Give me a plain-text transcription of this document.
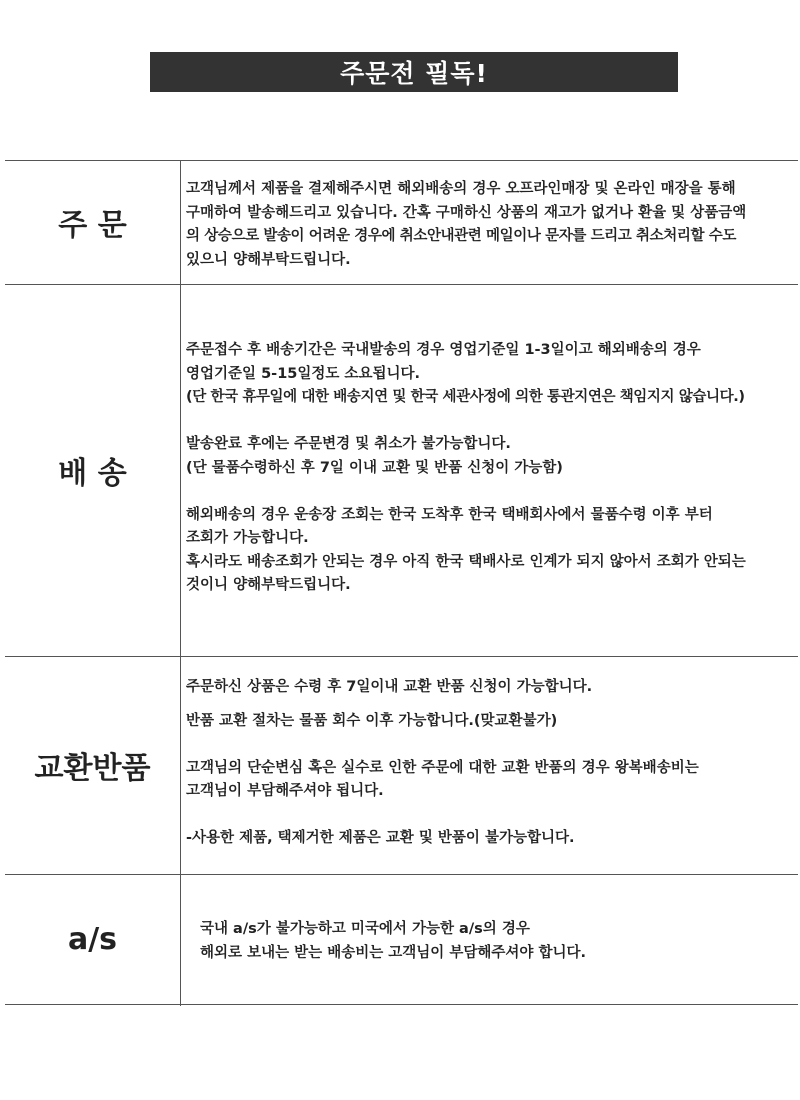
주문전 필독!
주 문
고객님께서 제품을 결제해주시면 해외배송의 경우 오프라인매장 및 온라인 매장을 통해
구매하여 발송해드리고 있습니다. 간혹 구매하신 상품의 재고가 없거나 환율 및 상품금액
의 상승으로 발송이 어려운 경우에 취소안내관련 메일이나 문자를 드리고 취소처리할 수도
있으니 양해부탁드립니다.
배 송
주문접수 후 배송기간은 국내발송의 경우 영업기준일 1-3일이고 해외배송의 경우
영업기준일 5-15일정도 소요됩니다.
(단 한국 휴무일에 대한 배송지연 및 한국 세관사정에 의한 통관지연은 책임지지 않습니다.)
발송완료 후에는 주문변경 및 취소가 불가능합니다.
(단 물품수령하신 후 7일 이내 교환 및 반품 신청이 가능함)
해외배송의 경우 운송장 조회는 한국 도착후 한국 택배회사에서 물품수령 이후 부터
조회가 가능합니다.
혹시라도 배송조회가 안되는 경우 아직 한국 택배사로 인계가 되지 않아서 조회가 안되는
것이니 양해부탁드립니다.
교환반품
주문하신 상품은 수령 후 7일이내 교환 반품 신청이 가능합니다.
반품 교환 절차는 물품 회수 이후 가능합니다.(맞교환불가)
고객님의 단순변심 혹은 실수로 인한 주문에 대한 교환 반품의 경우 왕복배송비는
고객님이 부담해주셔야 됩니다.
-사용한 제품, 택제거한 제품은 교환 및 반품이 불가능합니다.
a/s	국내 a/s가 불가능하고 미국에서 가능한 a/s의 경우
해외로 보내는 받는 배송비는 고객님이 부담해주셔야 합니다.
